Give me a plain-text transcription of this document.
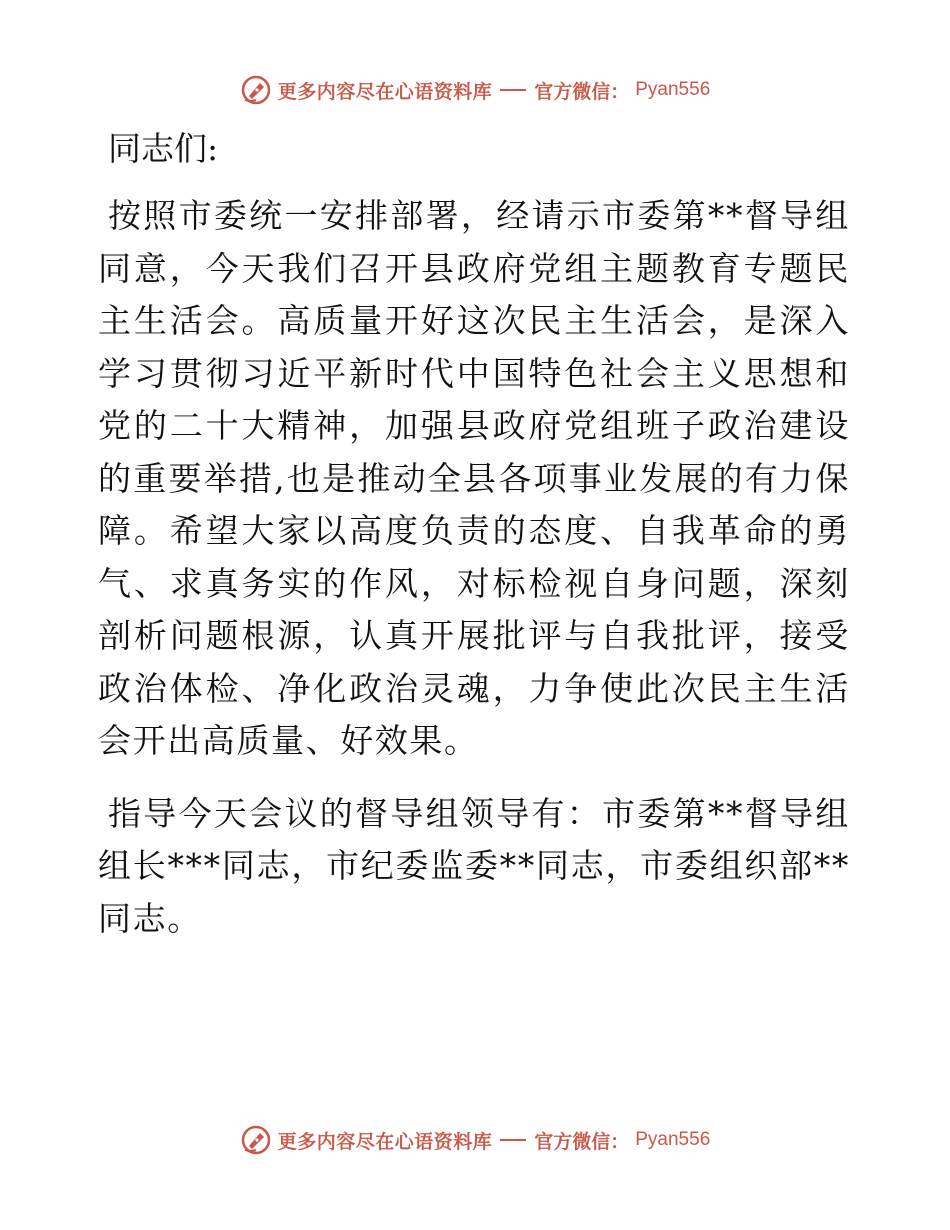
更多内容尽在心语资料库 官方微信： Pyan556

同志们:

按照市委统一安排部署，经请示市委第**督导组同意，今天我们召开县政府党组主题教育专题民主生活会。高质量开好这次民主生活会，是深入学习贯彻习近平新时代中国特色社会主义思想和党的二十大精神，加强县政府党组班子政治建设的重要举措,也是推动全县各项事业发展的有力保障。希望大家以高度负责的态度、自我革命的勇气、求真务实的作风，对标检视自身问题，深刻剖析问题根源，认真开展批评与自我批评，接受政治体检、净化政治灵魂，力争使此次民主生活会开出高质量、好效果。

指导今天会议的督导组领导有：市委第**督导组组长***同志，市纪委监委**同志，市委组织部**同志。

更多内容尽在心语资料库 官方微信： Pyan556
